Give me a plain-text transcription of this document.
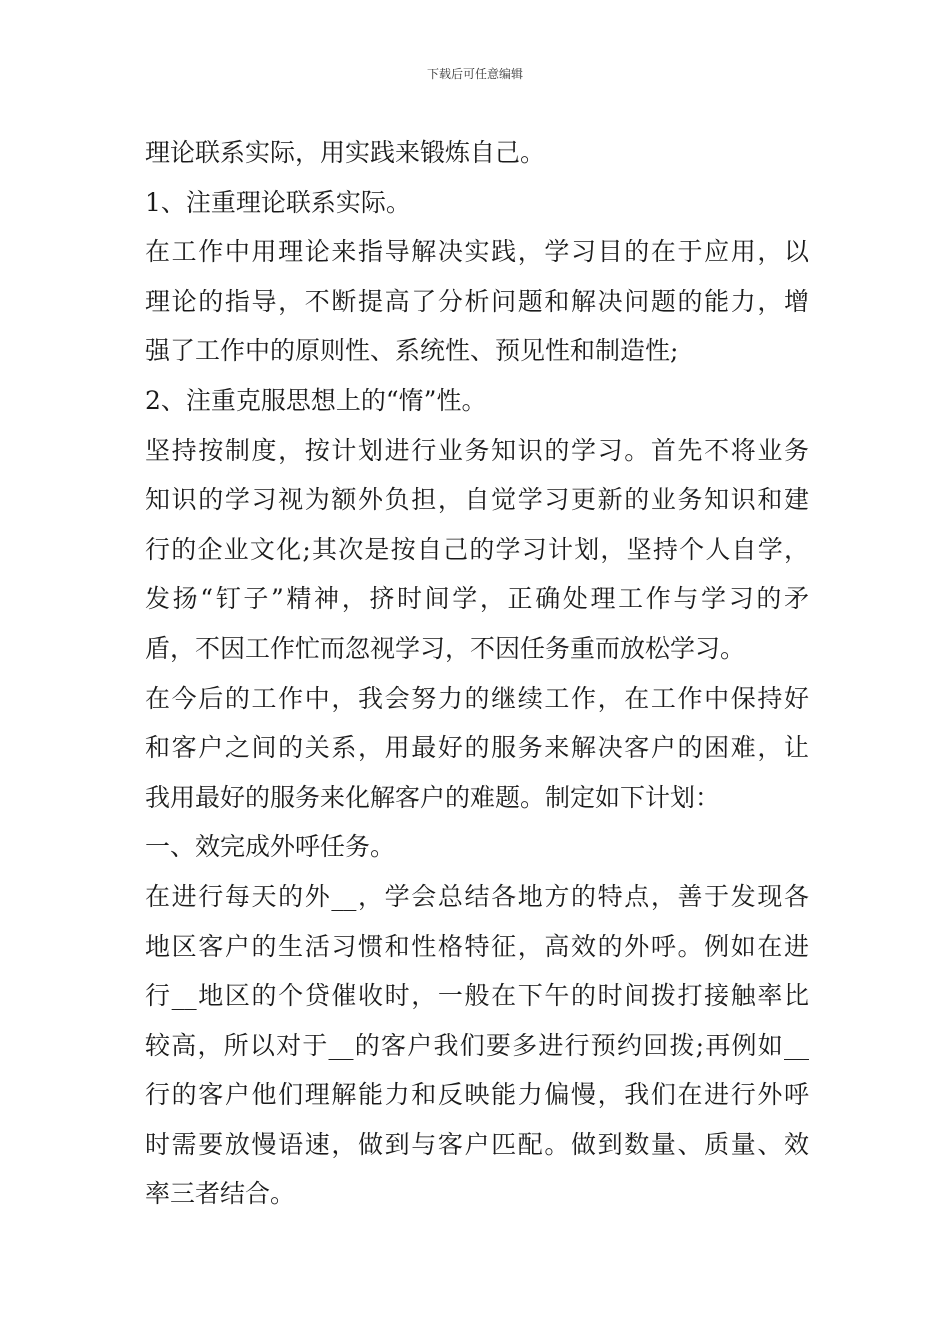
下载后可任意编辑
理论联系实际，用实践来锻炼自己。
1、注重理论联系实际。
在工作中用理论来指导解决实践，学习目的在于应用，以
理论的指导，不断提高了分析问题和解决问题的能力，增
强了工作中的原则性、系统性、预见性和制造性;
2、注重克服思想上的“惰”性。
坚持按制度，按计划进行业务知识的学习。首先不将业务
知识的学习视为额外负担，自觉学习更新的业务知识和建
行的企业文化;其次是按自己的学习计划，坚持个人自学，
发扬“钉子”精神，挤时间学，正确处理工作与学习的矛
盾，不因工作忙而忽视学习，不因任务重而放松学习。
在今后的工作中，我会努力的继续工作，在工作中保持好
和客户之间的关系，用最好的服务来解决客户的困难，让
我用最好的服务来化解客户的难题。制定如下计划：
一、效完成外呼任务。
在进行每天的外__，学会总结各地方的特点，善于发现各
地区客户的生活习惯和性格特征，高效的外呼。例如在进
行__地区的个贷催收时，一般在下午的时间拨打接触率比
较高，所以对于__的客户我们要多进行预约回拨;再例如__
行的客户他们理解能力和反映能力偏慢，我们在进行外呼
时需要放慢语速，做到与客户匹配。做到数量、质量、效
率三者结合。
